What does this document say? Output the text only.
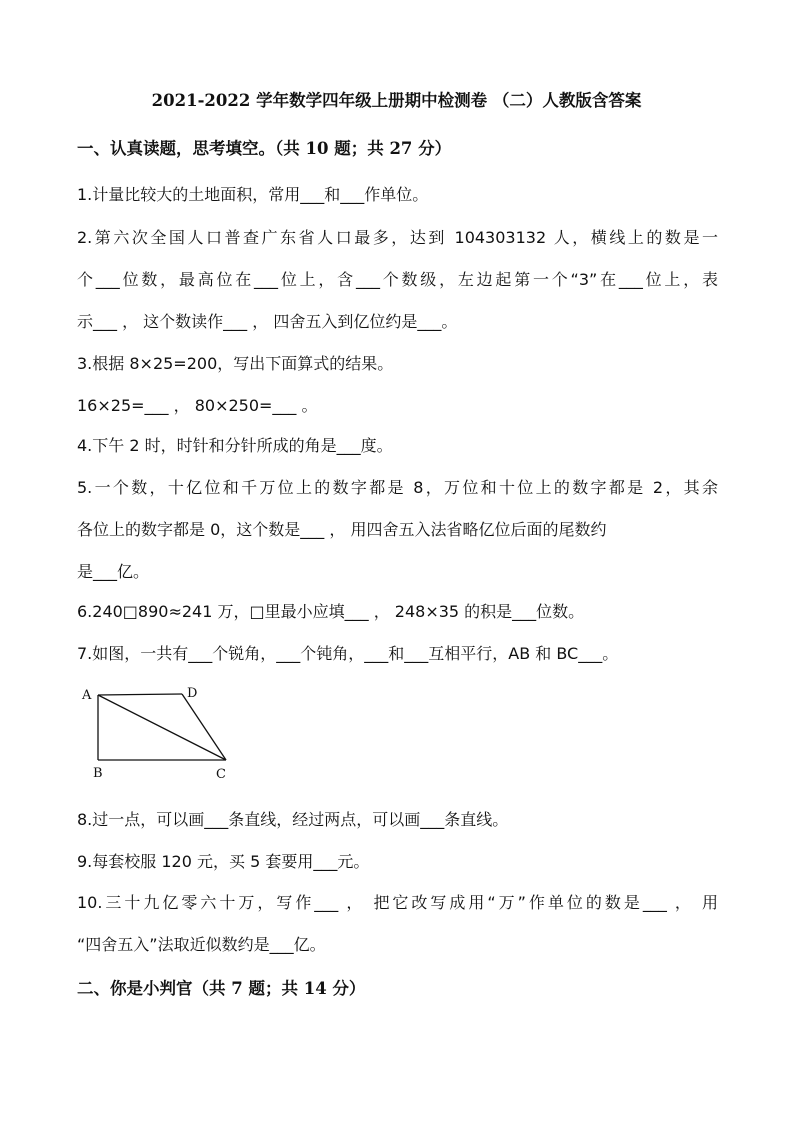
2021-2022 学年数学四年级上册期中检测卷 （二）人教版含答案
一、认真读题，思考填空。（共 10 题；共 27 分）
1.计量比较大的土地面积，常用___和___作单位。
2.第六次全国人口普查广东省人口最多，达到 104303132 人，横线上的数是一
个___位数，最高位在___位上，含___个数级，左边起第一个“3”在___位上，表
示___ ， 这个数读作___ ， 四舍五入到亿位约是___。
3.根据 8×25=200，写出下面算式的结果。
16×25=___ ， 80×250=___ 。
4.下午 2 时，时针和分针所成的角是___度。
5.一个数，十亿位和千万位上的数字都是 8，万位和十位上的数字都是 2，其余
各位上的数字都是 0，这个数是___ ， 用四舍五入法省略亿位后面的尾数约
是___亿。
6.240□890≈241 万，□里最小应填___ ， 248×35 的积是___位数。
7.如图，一共有___个锐角，___个钝角，___和___互相平行，AB 和 BC___。
A	D
B	C
8.过一点，可以画___条直线，经过两点，可以画___条直线。
9.每套校服 120 元，买 5 套要用___元。
10.三十九亿零六十万，写作___ ， 把它改写成用“万”作单位的数是___ ， 用
“四舍五入”法取近似数约是___亿。
二、你是小判官（共 7 题；共 14 分）
